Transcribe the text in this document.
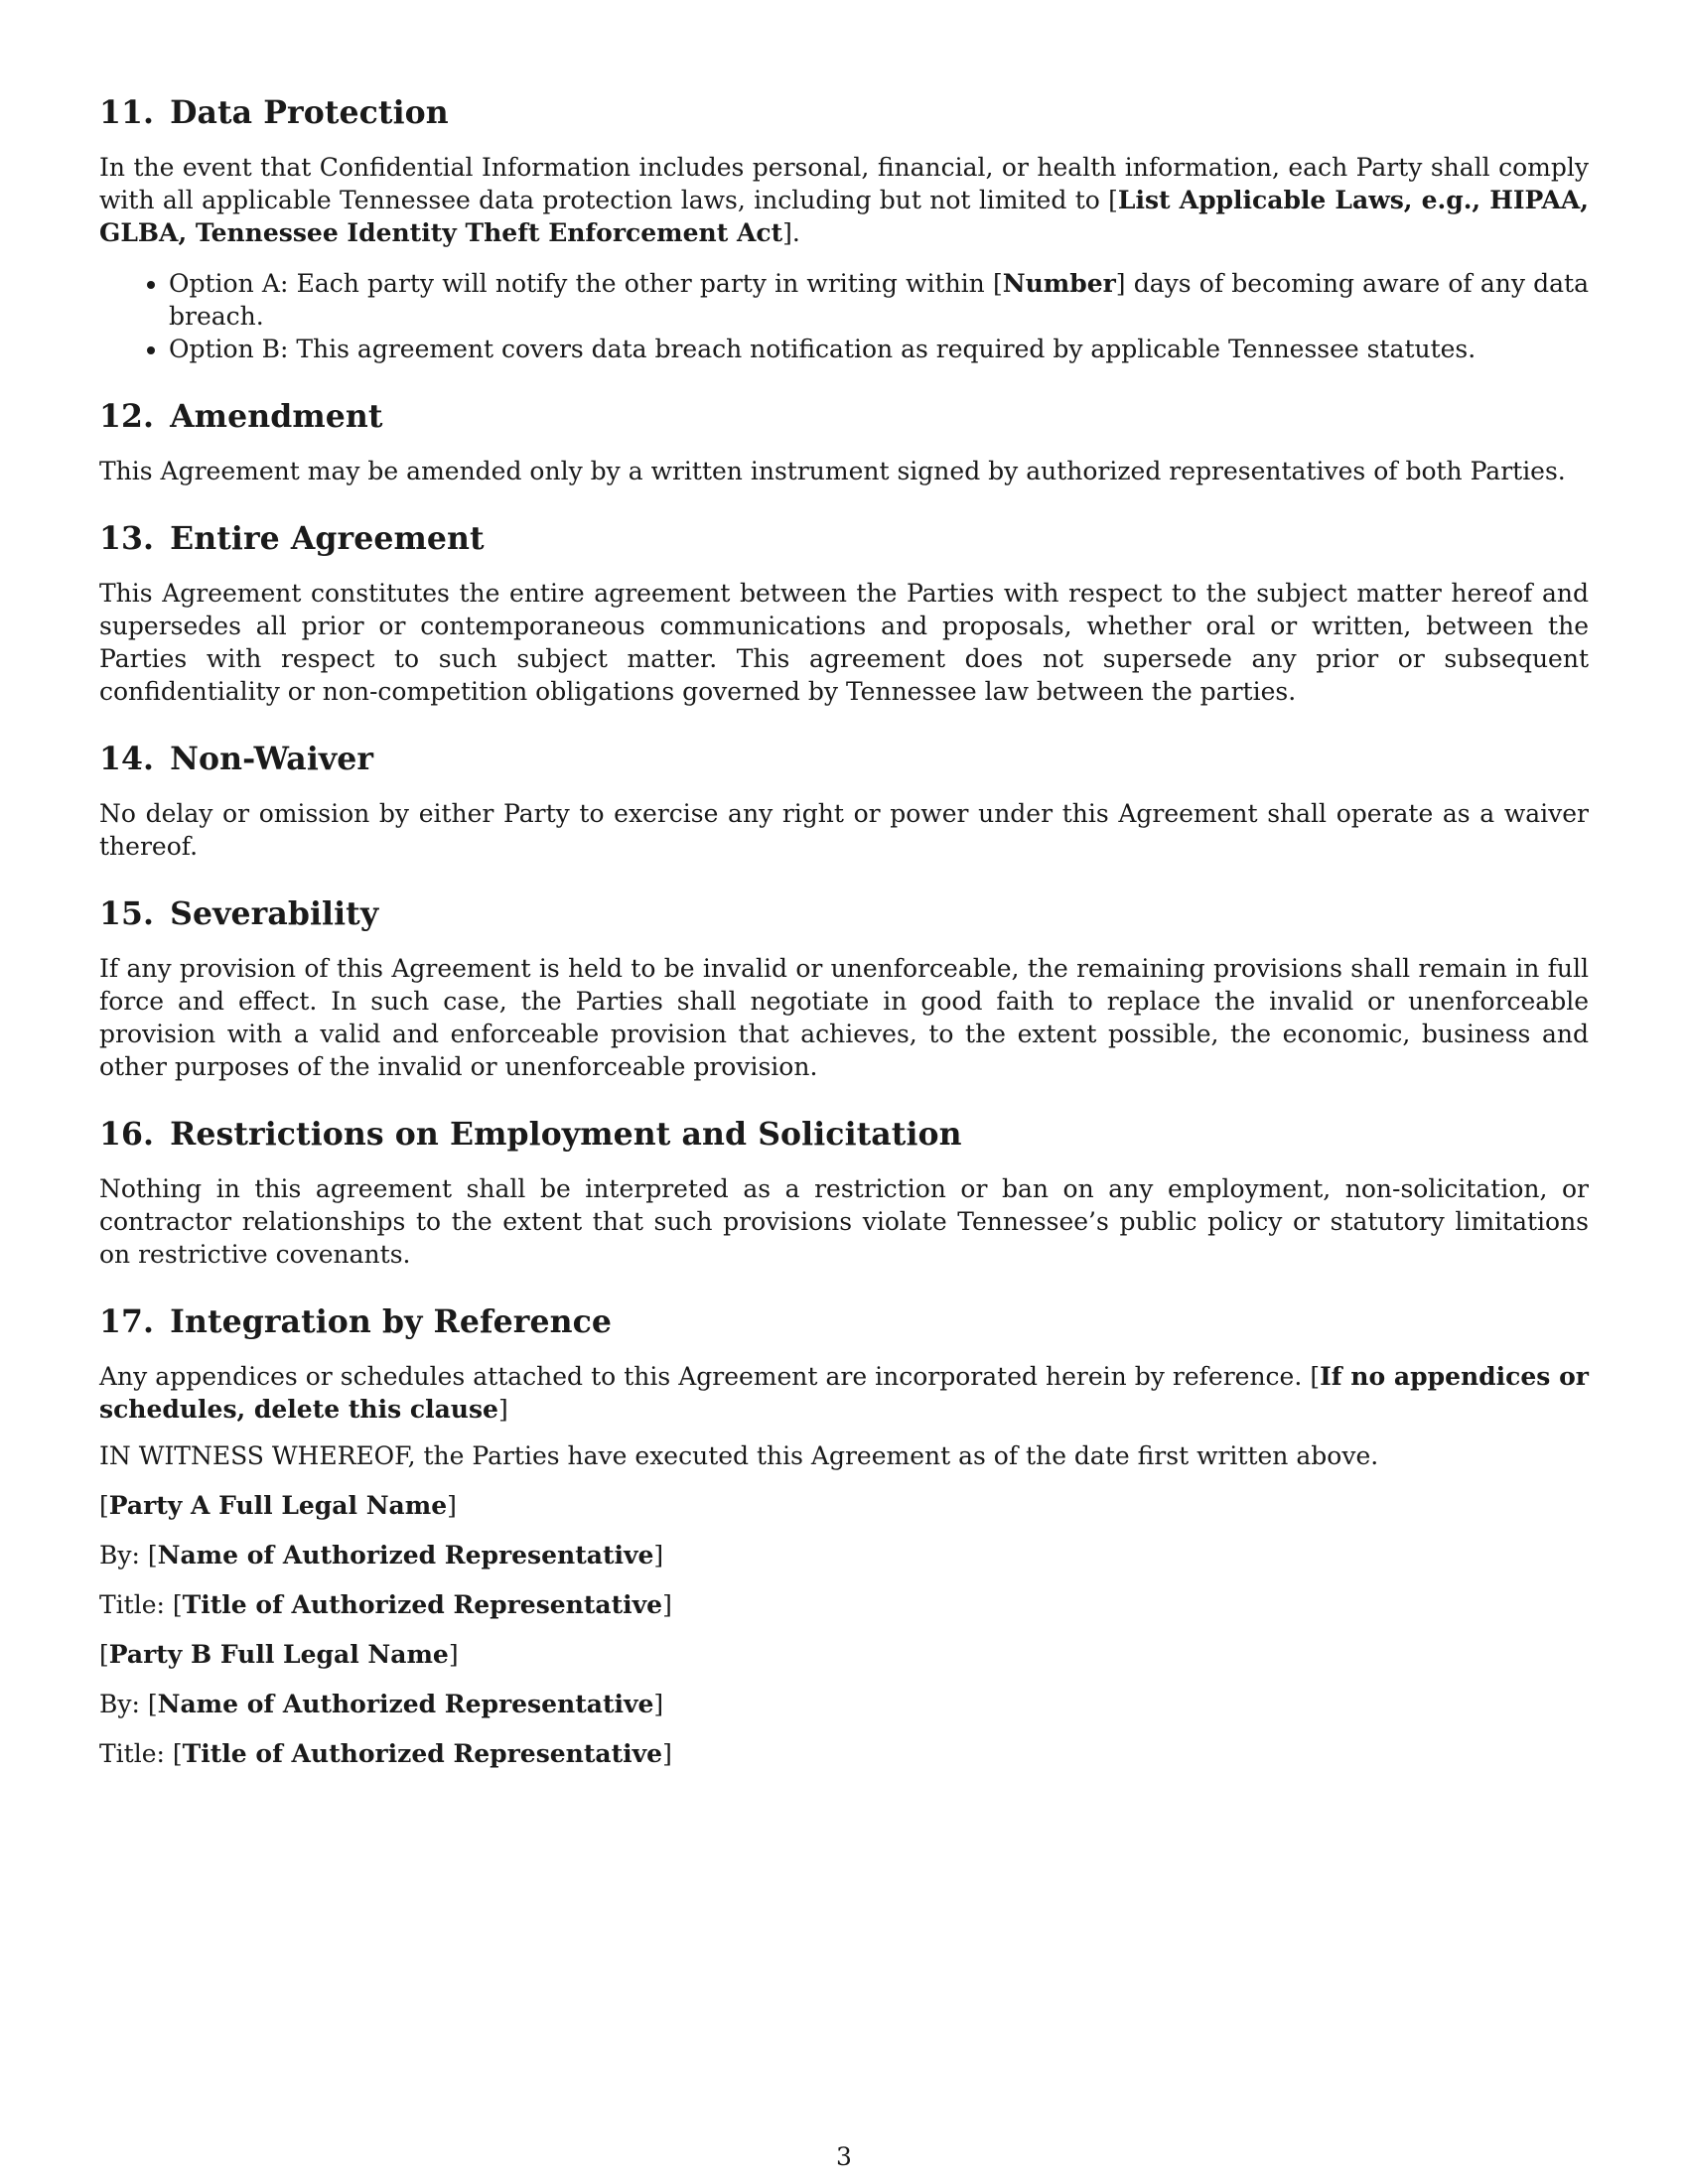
11. Data Protection

In the event that Confidential Information includes personal, financial, or health information, each Party shall comply with all applicable Tennessee data protection laws, including but not limited to [List Applicable Laws, e.g., HIPAA, GLBA, Tennessee Identity Theft Enforcement Act].

• Option A: Each party will notify the other party in writing within [Number] days of becoming aware of any data breach.
• Option B: This agreement covers data breach notification as required by applicable Tennessee statutes.
12. Amendment

This Agreement may be amended only by a written instrument signed by authorized representatives of both Parties.

13. Entire Agreement

This Agreement constitutes the entire agreement between the Parties with respect to the subject matter hereof and supersedes all prior or contemporaneous communications and proposals, whether oral or written, between the Parties with respect to such subject matter. This agreement does not supersede any prior or subsequent confidentiality or non-competition obligations governed by Tennessee law between the parties.

14. Non-Waiver

No delay or omission by either Party to exercise any right or power under this Agreement shall operate as a waiver thereof.

15. Severability

If any provision of this Agreement is held to be invalid or unenforceable, the remaining provisions shall remain in full force and effect. In such case, the Parties shall negotiate in good faith to replace the invalid or unenforceable provision with a valid and enforceable provision that achieves, to the extent possible, the economic, business and other purposes of the invalid or unenforceable provision.

16. Restrictions on Employment and Solicitation

Nothing in this agreement shall be interpreted as a restriction or ban on any employment, non-solicitation, or contractor relationships to the extent that such provisions violate Tennessee’s public policy or statutory limitations on restrictive covenants.

17. Integration by Reference

Any appendices or schedules attached to this Agreement are incorporated herein by reference. [If no appendices or schedules, delete this clause]

IN WITNESS WHEREOF, the Parties have executed this Agreement as of the date first written above.

[Party A Full Legal Name]

By: [Name of Authorized Representative]

Title: [Title of Authorized Representative]

[Party B Full Legal Name]

By: [Name of Authorized Representative]

Title: [Title of Authorized Representative]

3
